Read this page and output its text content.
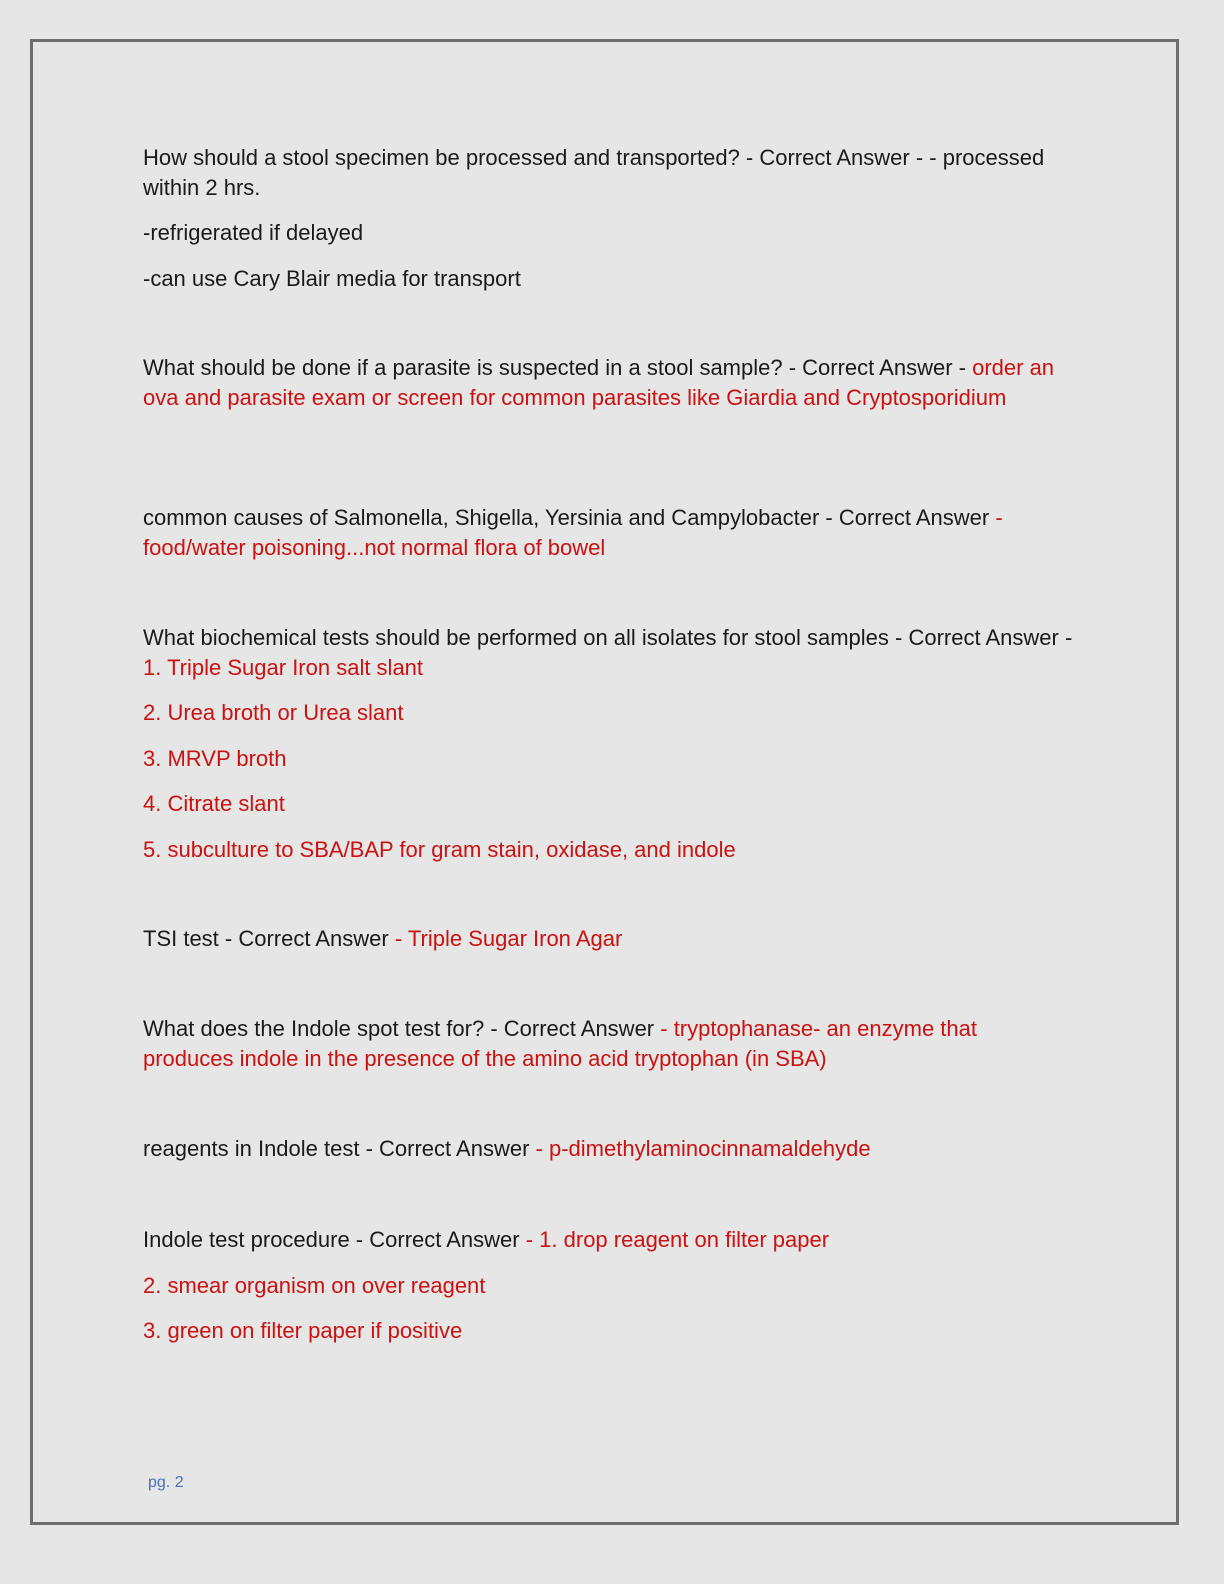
How should a stool specimen be processed and transported? - Correct Answer - - processed within 2 hrs.

-refrigerated if delayed

-can use Cary Blair media for transport

What should be done if a parasite is suspected in a stool sample? - Correct Answer - order an ova and parasite exam or screen for common parasites like Giardia and Cryptosporidium

common causes of Salmonella, Shigella, Yersinia and Campylobacter - Correct Answer - food/water poisoning...not normal flora of bowel

What biochemical tests should be performed on all isolates for stool samples - Correct Answer - 1. Triple Sugar Iron salt slant

2. Urea broth or Urea slant

3. MRVP broth

4. Citrate slant

5. subculture to SBA/BAP for gram stain, oxidase, and indole

TSI test - Correct Answer - Triple Sugar Iron Agar

What does the Indole spot test for? - Correct Answer - tryptophanase- an enzyme that produces indole in the presence of the amino acid tryptophan (in SBA)

reagents in Indole test - Correct Answer - p-dimethylaminocinnamaldehyde

Indole test procedure - Correct Answer - 1. drop reagent on filter paper

2. smear organism on over reagent

3. green on filter paper if positive

pg. 2
